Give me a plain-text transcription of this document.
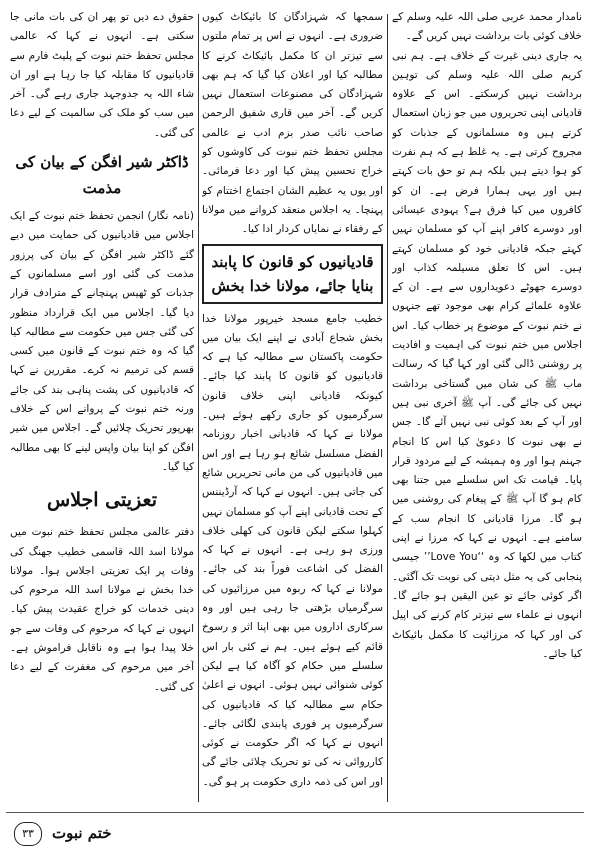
نامدار محمد عربی صلی اللہ علیہ وسلم کے خلاف کوئی بات برداشت نہیں کریں گے۔

یہ جاری دینی غیرت کے خلاف ہے۔ ہم نبی کریم صلی اللہ علیہ وسلم کی توہین برداشت نہیں کرسکتے۔ اس کے علاوہ قادیانی اپنی تحریروں میں جو زبان استعمال کرتے ہیں وہ مسلمانوں کے جذبات کو مجروح کرتی ہے۔ یہ غلط ہے کہ ہم نفرت کو ہوا دیتے ہیں بلکہ ہم تو حق بات کہتے ہیں اور یہی ہمارا فرض ہے۔ ان کو کافروں میں کیا فرق ہے؟ یہودی عیسائی اور دوسرے کافر اپنے آپ کو مسلمان نہیں کہتے جبکہ قادیانی خود کو مسلمان کہتے ہیں۔ اس کا تعلق مسیلمہ کذاب اور دوسرے جھوٹے دعویداروں سے ہے۔ ان کے علاوہ علمائے کرام بھی موجود تھے جنہوں نے ختم نبوت کے موضوع پر خطاب کیا۔ اس اجلاس میں ختم نبوت کی اہمیت و افادیت پر روشنی ڈالی گئی اور کہا گیا کہ رسالت ماب ﷺ کی شان میں گستاخی برداشت نہیں کی جائے گی۔ آپ ﷺ آخری نبی ہیں اور آپ کے بعد کوئی نبی نہیں آئے گا۔ جس نے بھی نبوت کا دعویٰ کیا اس کا انجام جہنم ہوا اور وہ ہمیشہ کے لیے مردود قرار پایا۔ قیامت تک اس سلسلے میں جتنا بھی کام ہو گا آپ ﷺ کے پیغام کی روشنی میں ہو گا۔ مرزا قادیانی کا انجام سب کے سامنے ہے۔ انہوں نے کہا کہ مرزا نے اپنی کتاب میں لکھا کہ وہ ‘‘Love You’’ جیسی پنجابی کی یہ مثل دیتی کی نوبت تک آگئی۔ اگر کوئی جائے تو عین الیقین ہو جائے گا۔ انہوں نے علماء سے تیزتر کام کرنے کی اپیل کی اور کہا کہ مرزائیت کا مکمل بائیکاٹ کیا جائے۔

سمجھا کہ شہزادگان کا بائیکاٹ کیوں ضروری ہے۔ انہوں نے اس پر تمام ملتوں سے تیزتر ان کا مکمل بائیکاٹ کرنے کا مطالبہ کیا اور اعلان کیا گیا کہ ہم بھی شہزادگان کی مصنوعات استعمال نہیں کریں گے۔ آخر میں قاری شفیق الرحمن صاحب نائب صدر بزم ادب نے عالمی مجلس تحفظ ختم نبوت کی کاوشوں کو خراج تحسین پیش کیا اور دعا فرمائی۔ اور یوں یہ عظیم الشان اجتماع اختتام کو پہنچا۔ یہ اجلاس منعقد کروانے میں مولانا کے رفقاء نے نمایاں کردار ادا کیا۔

قادیانیوں کو قانون کا پابند بنایا جائے، مولانا خدا بخش

خطیب جامع مسجد خیرپور مولانا خدا بخش شجاع آبادی نے اپنے ایک بیان میں حکومت پاکستان سے مطالبہ کیا ہے کہ قادیانیوں کو قانون کا پابند کیا جائے۔ کیونکہ قادیانی اپنی خلاف قانون سرگرمیوں کو جاری رکھے ہوئے ہیں۔ مولانا نے کہا کہ قادیانی اخبار روزنامہ الفضل مسلسل شائع ہو رہا ہے اور اس میں قادیانیوں کی من مانی تحریریں شائع کی جاتی ہیں۔ انہوں نے کہا کہ آرڈیننس کے تحت قادیانی اپنے آپ کو مسلمان نہیں کہلوا سکتے لیکن قانون کی کھلی خلاف ورزی ہو رہی ہے۔ انہوں نے کہا کہ الفضل کی اشاعت فوراً بند کی جائے۔ مولانا نے کہا کہ ربوہ میں مرزائیوں کی سرگرمیاں بڑھتی جا رہی ہیں اور وہ سرکاری اداروں میں بھی اپنا اثر و رسوخ قائم کیے ہوئے ہیں۔ ہم نے کئی بار اس سلسلے میں حکام کو آگاہ کیا ہے لیکن کوئی شنوائی نہیں ہوئی۔ انہوں نے اعلیٰ حکام سے مطالبہ کیا کہ قادیانیوں کی سرگرمیوں پر فوری پابندی لگائی جائے۔ انہوں نے کہا کہ اگر حکومت نے کوئی کارروائی نہ کی تو تحریک چلائی جائے گی اور اس کی ذمہ داری حکومت پر ہو گی۔

حقوق دے دیں تو پھر ان کی بات مانی جا سکتی ہے۔ انہوں نے کہا کہ عالمی مجلس تحفظ ختم نبوت کے پلیٹ فارم سے قادیانیوں کا مقابلہ کیا جا رہا ہے اور ان شاء اللہ یہ جدوجہد جاری رہے گی۔ آخر میں سب کو ملک کی سالمیت کے لیے دعا کی گئی۔

ڈاکٹر شیر افگن کے بیان کی مذمت

(نامہ نگار) انجمن تحفظ ختم نبوت کے ایک اجلاس میں قادیانیوں کی حمایت میں دیے گئے ڈاکٹر شیر افگن کے بیان کی پرزور مذمت کی گئی اور اسے مسلمانوں کے جذبات کو ٹھیس پہنچانے کے مترادف قرار دیا گیا۔ اجلاس میں ایک قرارداد منظور کی گئی جس میں حکومت سے مطالبہ کیا گیا کہ وہ ختم نبوت کے قانون میں کسی قسم کی ترمیم نہ کرے۔ مقررین نے کہا کہ قادیانیوں کی پشت پناہی بند کی جائے ورنہ ختم نبوت کے پروانے اس کے خلاف بھرپور تحریک چلائیں گے۔ اجلاس میں شیر افگن کو اپنا بیان واپس لینے کا بھی مطالبہ کیا گیا۔

تعزیتی اجلاس

دفتر عالمی مجلس تحفظ ختم نبوت میں مولانا اسد اللہ قاسمی خطیب جھنگ کی وفات پر ایک تعزیتی اجلاس ہوا۔ مولانا خدا بخش نے مولانا اسد اللہ مرحوم کی دینی خدمات کو خراج عقیدت پیش کیا۔ انہوں نے کہا کہ مرحوم کی وفات سے جو خلا پیدا ہوا ہے وہ ناقابل فراموش ہے۔ آخر میں مرحوم کی مغفرت کے لیے دعا کی گئی۔

۳۳	ختم نبوت
